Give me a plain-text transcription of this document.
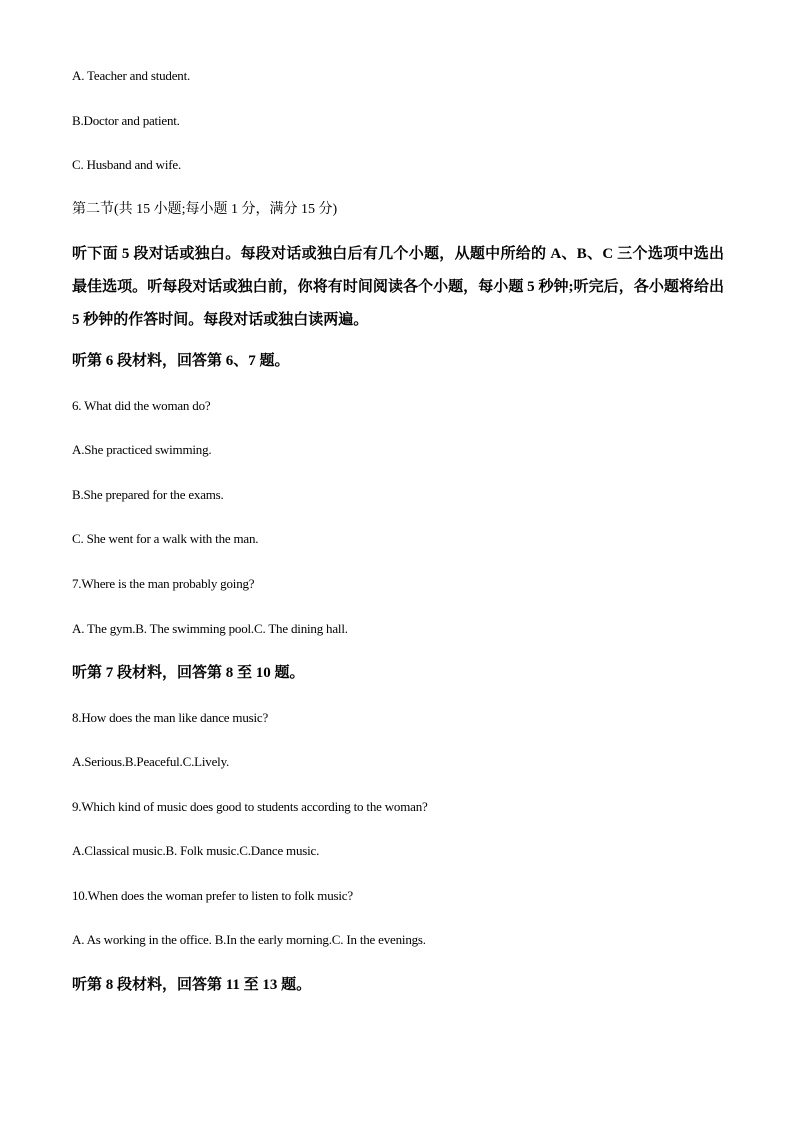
A. Teacher and student.

B.Doctor and patient.

C. Husband and wife.

第二节(共 15 小题;每小题 1 分，满分 15 分)

听下面 5 段对话或独白。每段对话或独白后有几个小题，从题中所给的 A、B、C 三个选项中选出最佳选项。听每段对话或独白前，你将有时间阅读各个小题，每小题 5 秒钟;听完后，各小题将给出 5 秒钟的作答时间。每段对话或独白读两遍。

听第 6 段材料，回答第 6、7 题。

6. What did the woman do?

A.She practiced swimming.

B.She prepared for the exams.

C. She went for a walk with the man.

7.Where is the man probably going?

A. The gym.B. The swimming pool.C. The dining hall.

听第 7 段材料，回答第 8 至 10 题。

8.How does the man like dance music?

A.Serious.B.Peaceful.C.Lively.

9.Which kind of music does good to students according to the woman?

A.Classical music.B. Folk music.C.Dance music.

10.When does the woman prefer to listen to folk music?

A. As working in the office. B.In the early morning.C. In the evenings.

听第 8 段材料，回答第 11 至 13 题。
